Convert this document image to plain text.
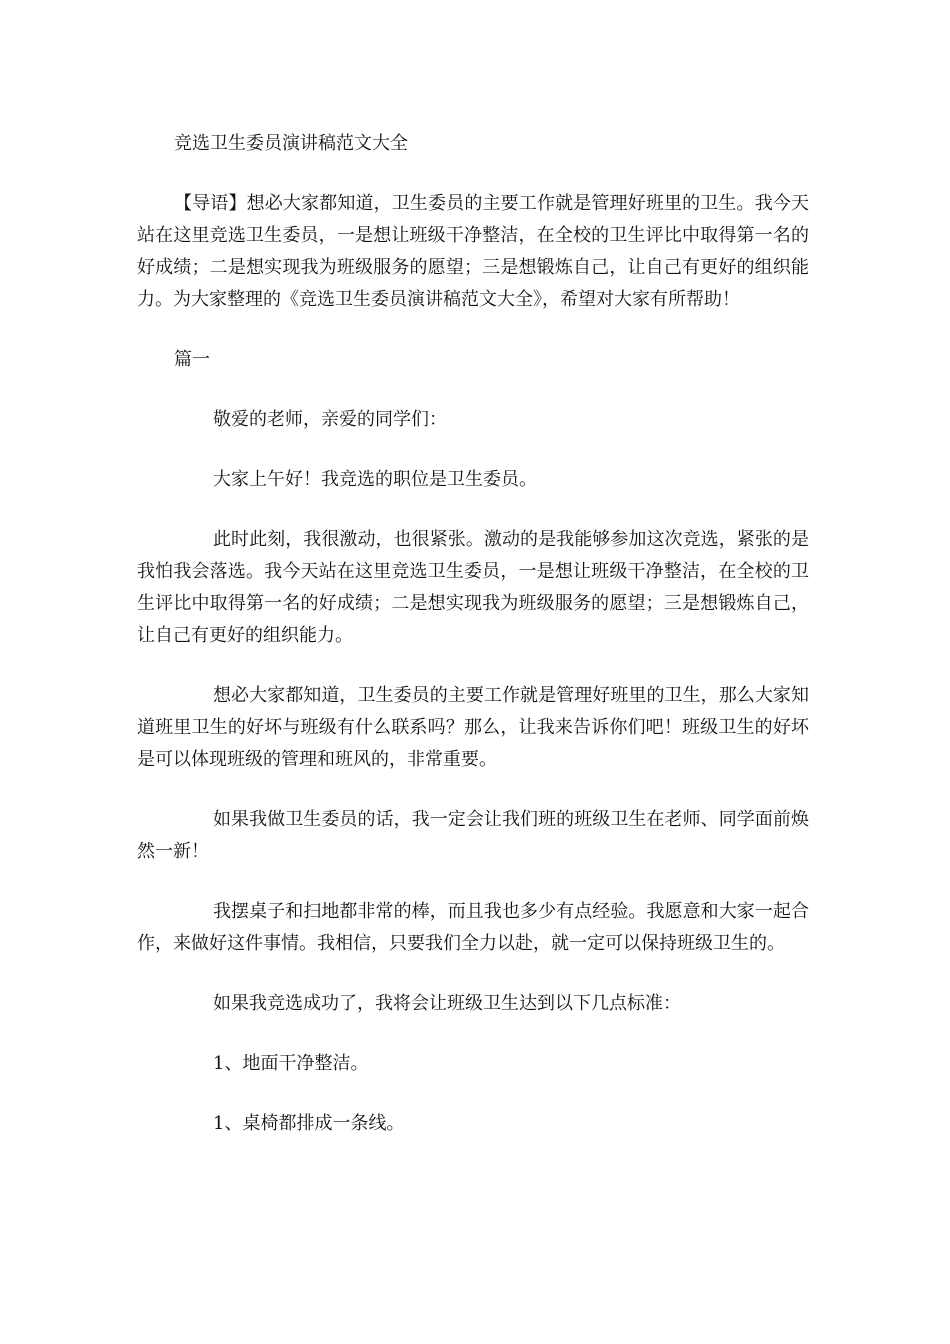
竞选卫生委员演讲稿范文大全

【导语】想必大家都知道，卫生委员的主要工作就是管理好班里的卫生。我今天站在这里竞选卫生委员，一是想让班级干净整洁，在全校的卫生评比中取得第一名的好成绩；二是想实现我为班级服务的愿望；三是想锻炼自己，让自己有更好的组织能力。为大家整理的《竞选卫生委员演讲稿范文大全》，希望对大家有所帮助！

篇一

敬爱的老师，亲爱的同学们：

大家上午好！我竞选的职位是卫生委员。

此时此刻，我很激动，也很紧张。激动的是我能够参加这次竞选，紧张的是我怕我会落选。我今天站在这里竞选卫生委员，一是想让班级干净整洁，在全校的卫生评比中取得第一名的好成绩；二是想实现我为班级服务的愿望；三是想锻炼自己，让自己有更好的组织能力。

想必大家都知道，卫生委员的主要工作就是管理好班里的卫生，那么大家知道班里卫生的好坏与班级有什么联系吗？那么，让我来告诉你们吧！班级卫生的好坏是可以体现班级的管理和班风的，非常重要。

如果我做卫生委员的话，我一定会让我们班的班级卫生在老师、同学面前焕然一新！

我摆桌子和扫地都非常的棒，而且我也多少有点经验。我愿意和大家一起合作，来做好这件事情。我相信，只要我们全力以赴，就一定可以保持班级卫生的。

如果我竞选成功了，我将会让班级卫生达到以下几点标准：

1、地面干净整洁。

1、桌椅都排成一条线。
